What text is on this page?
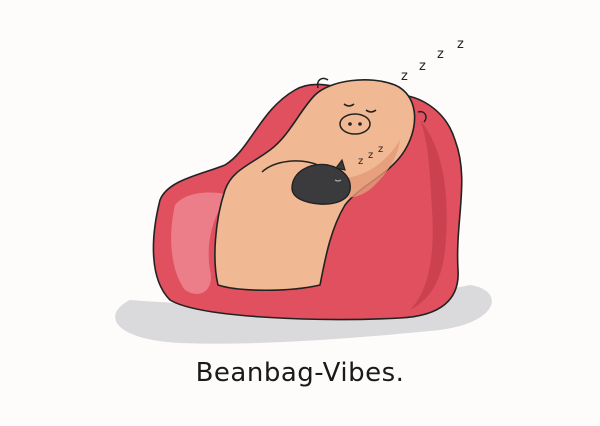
z
z
z
z
z
z
z
Beanbag-Vibes.
